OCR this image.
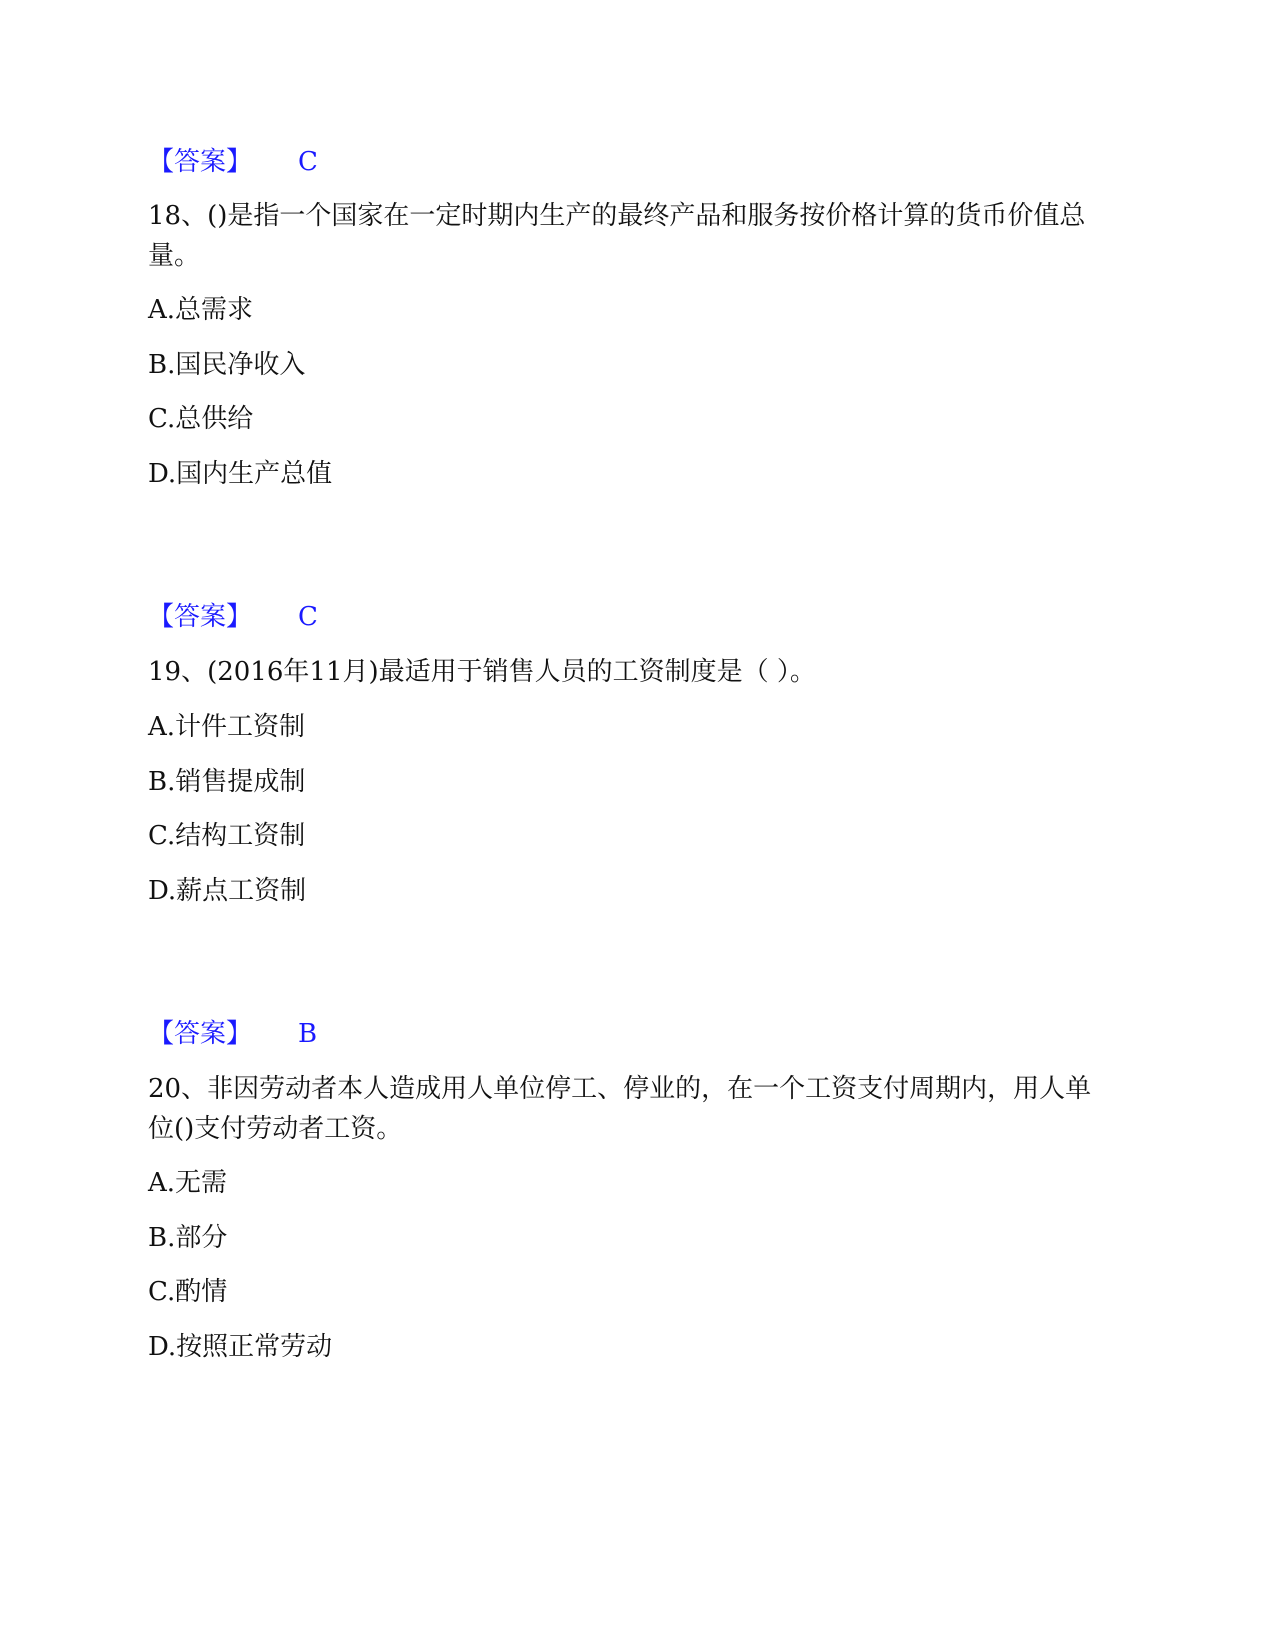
【答案】 C
18、()是指一个国家在一定时期内生产的最终产品和服务按价格计算的货币价值总量。
A.总需求
B.国民净收入
C.总供给
D.国内生产总值
【答案】 C
19、(2016年11月)最适用于销售人员的工资制度是（ ）。
A.计件工资制
B.销售提成制
C.结构工资制
D.薪点工资制
【答案】 B
20、非因劳动者本人造成用人单位停工、停业的，在一个工资支付周期内，用人单位()支付劳动者工资。
A.无需
B.部分
C.酌情
D.按照正常劳动
